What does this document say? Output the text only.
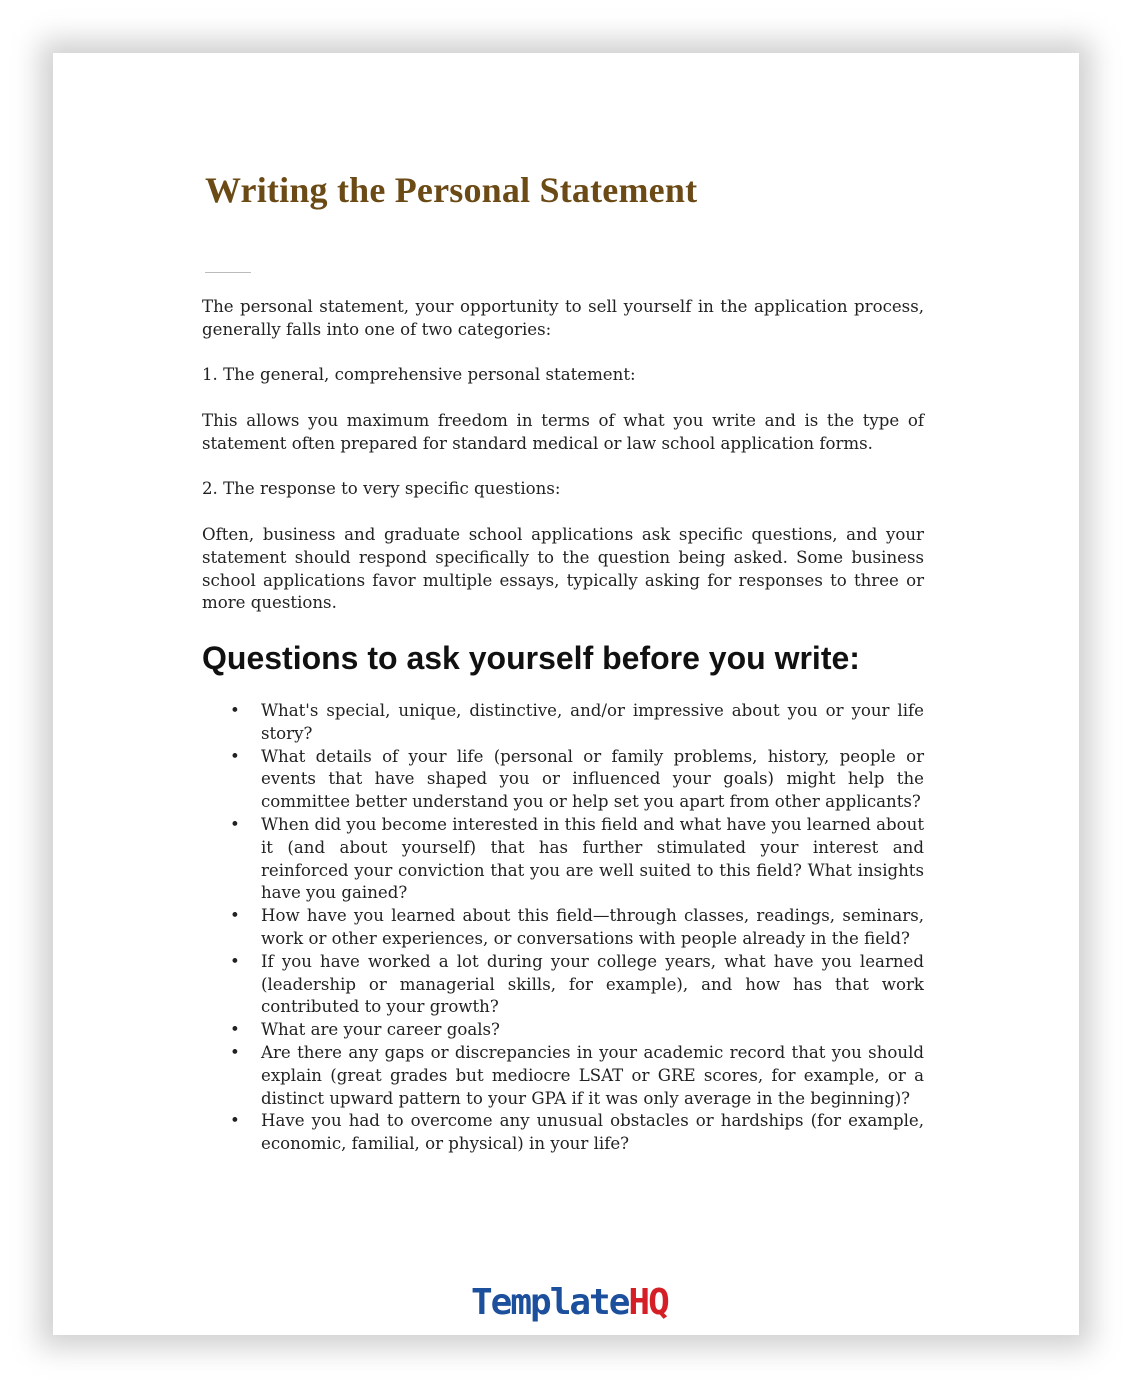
Writing the Personal Statement

The personal statement, your opportunity to sell yourself in the application process, generally falls into one of two categories:

1. The general, comprehensive personal statement:

This allows you maximum freedom in terms of what you write and is the type of statement often prepared for standard medical or law school application forms.

2. The response to very specific questions:

Often, business and graduate school applications ask specific questions, and your statement should respond specifically to the question being asked. Some business school applications favor multiple essays, typically asking for responses to three or more questions.

Questions to ask yourself before you write:
• What's special, unique, distinctive, and/or impressive about you or your life story?
• What details of your life (personal or family problems, history, people or events that have shaped you or influenced your goals) might help the committee better understand you or help set you apart from other applicants?
• When did you become interested in this field and what have you learned about it (and about yourself) that has further stimulated your interest and reinforced your conviction that you are well suited to this field? What insights have you gained?
• How have you learned about this field—through classes, readings, seminars, work or other experiences, or conversations with people already in the field?
• If you have worked a lot during your college years, what have you learned (leadership or managerial skills, for example), and how has that work contributed to your growth?
• What are your career goals?
• Are there any gaps or discrepancies in your academic record that you should explain (great grades but mediocre LSAT or GRE scores, for example, or a distinct upward pattern to your GPA if it was only average in the beginning)?
• Have you had to overcome any unusual obstacles or hardships (for example, economic, familial, or physical) in your life?
TemplateHQ
